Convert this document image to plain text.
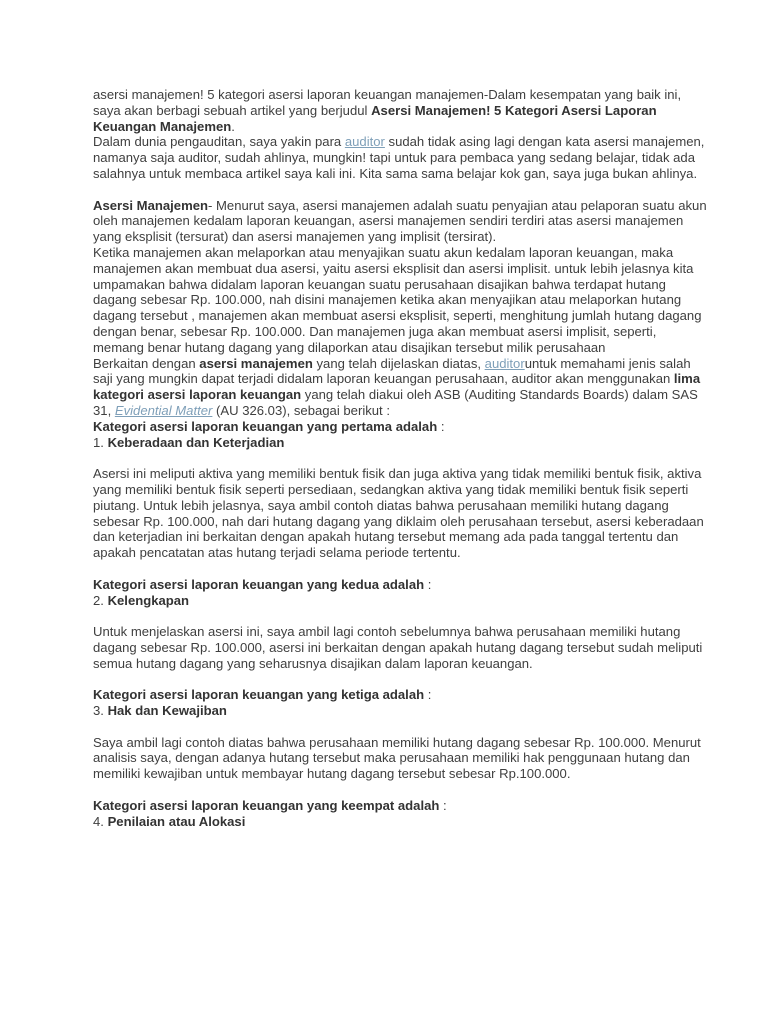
asersi manajemen! 5 kategori asersi laporan keuangan manajemen-Dalam kesempatan yang baik ini, saya akan berbagi sebuah artikel yang berjudul Asersi Manajemen! 5 Kategori Asersi Laporan Keuangan Manajemen.

Dalam dunia pengauditan, saya yakin para auditor sudah tidak asing lagi dengan kata asersi manajemen, namanya saja auditor, sudah ahlinya, mungkin! tapi untuk para pembaca yang sedang belajar, tidak ada salahnya untuk membaca artikel saya kali ini. Kita sama sama belajar kok gan, saya juga bukan ahlinya.

Asersi Manajemen- Menurut saya, asersi manajemen adalah suatu penyajian atau pelaporan suatu akun oleh manajemen kedalam laporan keuangan, asersi manajemen sendiri terdiri atas asersi manajemen yang eksplisit (tersurat) dan asersi manajemen yang implisit (tersirat).

Ketika manajemen akan melaporkan atau menyajikan suatu akun kedalam laporan keuangan, maka manajemen akan membuat dua asersi, yaitu asersi eksplisit dan asersi implisit. untuk lebih jelasnya kita umpamakan bahwa didalam laporan keuangan suatu perusahaan disajikan bahwa terdapat hutang dagang sebesar Rp. 100.000, nah disini manajemen ketika akan menyajikan atau melaporkan hutang dagang tersebut , manajemen akan membuat asersi eksplisit, seperti, menghitung jumlah hutang dagang dengan benar, sebesar Rp. 100.000. Dan manajemen juga akan membuat asersi implisit, seperti, memang benar hutang dagang yang dilaporkan atau disajikan tersebut milik perusahaan

Berkaitan dengan asersi manajemen yang telah dijelaskan diatas, auditoruntuk memahami jenis salah saji yang mungkin dapat terjadi didalam laporan keuangan perusahaan, auditor akan menggunakan lima kategori asersi laporan keuangan yang telah diakui oleh ASB (Auditing Standards Boards) dalam SAS 31, Evidential Matter (AU 326.03), sebagai berikut :

Kategori asersi laporan keuangan yang pertama adalah :

1. Keberadaan dan Keterjadian

Asersi ini meliputi aktiva yang memiliki bentuk fisik dan juga aktiva yang tidak memiliki bentuk fisik, aktiva yang memiliki bentuk fisik seperti persediaan, sedangkan aktiva yang tidak memiliki bentuk fisik seperti piutang. Untuk lebih jelasnya, saya ambil contoh diatas bahwa perusahaan memiliki hutang dagang sebesar Rp. 100.000, nah dari hutang dagang yang diklaim oleh perusahaan tersebut, asersi keberadaan dan keterjadian ini berkaitan dengan apakah hutang tersebut memang ada pada tanggal tertentu dan apakah pencatatan atas hutang terjadi selama periode tertentu.

Kategori asersi laporan keuangan yang kedua adalah :

2. Kelengkapan

Untuk menjelaskan asersi ini, saya ambil lagi contoh sebelumnya bahwa perusahaan memiliki hutang dagang sebesar Rp. 100.000, asersi ini berkaitan dengan apakah hutang dagang tersebut sudah meliputi semua hutang dagang yang seharusnya disajikan dalam laporan keuangan.

Kategori asersi laporan keuangan yang ketiga adalah :

3. Hak dan Kewajiban

Saya ambil lagi contoh diatas bahwa perusahaan memiliki hutang dagang sebesar Rp. 100.000. Menurut analisis saya, dengan adanya hutang tersebut maka perusahaan memiliki hak penggunaan hutang dan memiliki kewajiban untuk membayar hutang dagang tersebut sebesar Rp.100.000.

Kategori asersi laporan keuangan yang keempat adalah :

4. Penilaian atau Alokasi
